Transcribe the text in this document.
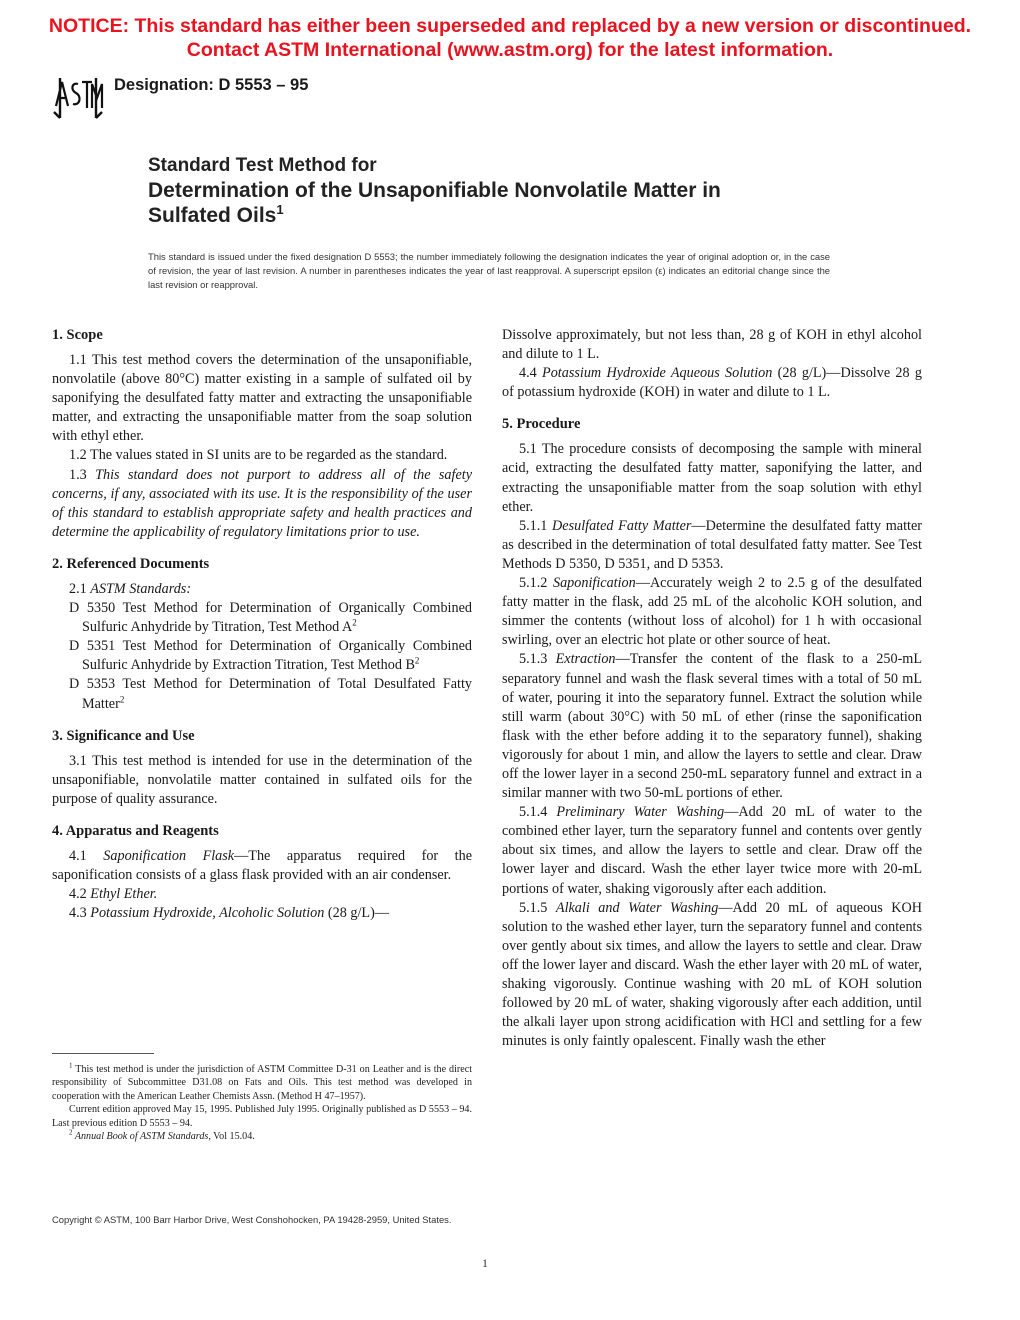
NOTICE: This standard has either been superseded and replaced by a new version or discontinued.
Contact ASTM International (www.astm.org) for the latest information.
Designation: D 5553 – 95
Standard Test Method for
Determination of the Unsaponifiable Nonvolatile Matter in
Sulfated Oils$^1$
This standard is issued under the fixed designation D 5553; the number immediately following the designation indicates the year of original adoption or, in the case of revision, the year of last revision. A number in parentheses indicates the year of last reapproval. A superscript epsilon (ε) indicates an editorial change since the last revision or reapproval.
1. Scope

1.1 This test method covers the determination of the unsaponifiable, nonvolatile (above 80°C) matter existing in a sample of sulfated oil by saponifying the desulfated fatty matter and extracting the unsaponifiable matter, and extracting the unsaponifiable matter from the soap solution with ethyl ether.

1.2 The values stated in SI units are to be regarded as the standard.

1.3 This standard does not purport to address all of the safety concerns, if any, associated with its use. It is the responsibility of the user of this standard to establish appropriate safety and health practices and determine the applicability of regulatory limitations prior to use.

2. Referenced Documents

2.1 ASTM Standards:

D 5350 Test Method for Determination of Organically Combined Sulfuric Anhydride by Titration, Test Method $A^2$

D 5351 Test Method for Determination of Organically Combined Sulfuric Anhydride by Extraction Titration, Test Method $B^2$

D 5353 Test Method for Determination of Total Desulfated Fatty Matter$^2$

3. Significance and Use

3.1 This test method is intended for use in the determination of the unsaponifiable, nonvolatile matter contained in sulfated oils for the purpose of quality assurance.

4. Apparatus and Reagents

4.1 Saponification Flask—The apparatus required for the saponification consists of a glass flask provided with an air condenser.

4.2 Ethyl Ether.

4.3 Potassium Hydroxide, Alcoholic Solution (28 g/L)—

Dissolve approximately, but not less than, 28 g of KOH in ethyl alcohol and dilute to 1 L.

4.4 Potassium Hydroxide Aqueous Solution (28 g/L)—Dissolve 28 g of potassium hydroxide (KOH) in water and dilute to 1 L.

5. Procedure

5.1 The procedure consists of decomposing the sample with mineral acid, extracting the desulfated fatty matter, saponifying the latter, and extracting the unsaponifiable matter from the soap solution with ethyl ether.

5.1.1 Desulfated Fatty Matter—Determine the desulfated fatty matter as described in the determination of total desulfated fatty matter. See Test Methods D 5350, D 5351, and D 5353.

5.1.2 Saponification—Accurately weigh 2 to 2.5 g of the desulfated fatty matter in the flask, add 25 mL of the alcoholic KOH solution, and simmer the contents (without loss of alcohol) for 1 h with occasional swirling, over an electric hot plate or other source of heat.

5.1.3 Extraction—Transfer the content of the flask to a 250-mL separatory funnel and wash the flask several times with a total of 50 mL of water, pouring it into the separatory funnel. Extract the solution while still warm (about 30°C) with 50 mL of ether (rinse the saponification flask with the ether before adding it to the separatory funnel), shaking vigorously for about 1 min, and allow the layers to settle and clear. Draw off the lower layer in a second 250-mL separatory funnel and extract in a similar manner with two 50-mL portions of ether.

5.1.4 Preliminary Water Washing—Add 20 mL of water to the combined ether layer, turn the separatory funnel and contents over gently about six times, and allow the layers to settle and clear. Draw off the lower layer and discard. Wash the ether layer twice more with 20-mL portions of water, shaking vigorously after each addition.

5.1.5 Alkali and Water Washing—Add 20 mL of aqueous KOH solution to the washed ether layer, turn the separatory funnel and contents over gently about six times, and allow the layers to settle and clear. Draw off the lower layer and discard. Wash the ether layer with 20 mL of water, shaking vigorously. Continue washing with 20 mL of KOH solution followed by 20 mL of water, shaking vigorously after each addition, until the alkali layer upon strong acidification with HCl and settling for a few minutes is only faintly opalescent. Finally wash the ether

$^1$ This test method is under the jurisdiction of ASTM Committee D-31 on Leather and is the direct responsibility of Subcommittee D31.08 on Fats and Oils. This test method was developed in cooperation with the American Leather Chemists Assn. (Method H 47–1957).

Current edition approved May 15, 1995. Published July 1995. Originally published as D 5553 – 94. Last previous edition D 5553 – 94.

$^2$ Annual Book of ASTM Standards, Vol 15.04.

Copyright © ASTM, 100 Barr Harbor Drive, West Conshohocken, PA 19428-2959, United States.
1
